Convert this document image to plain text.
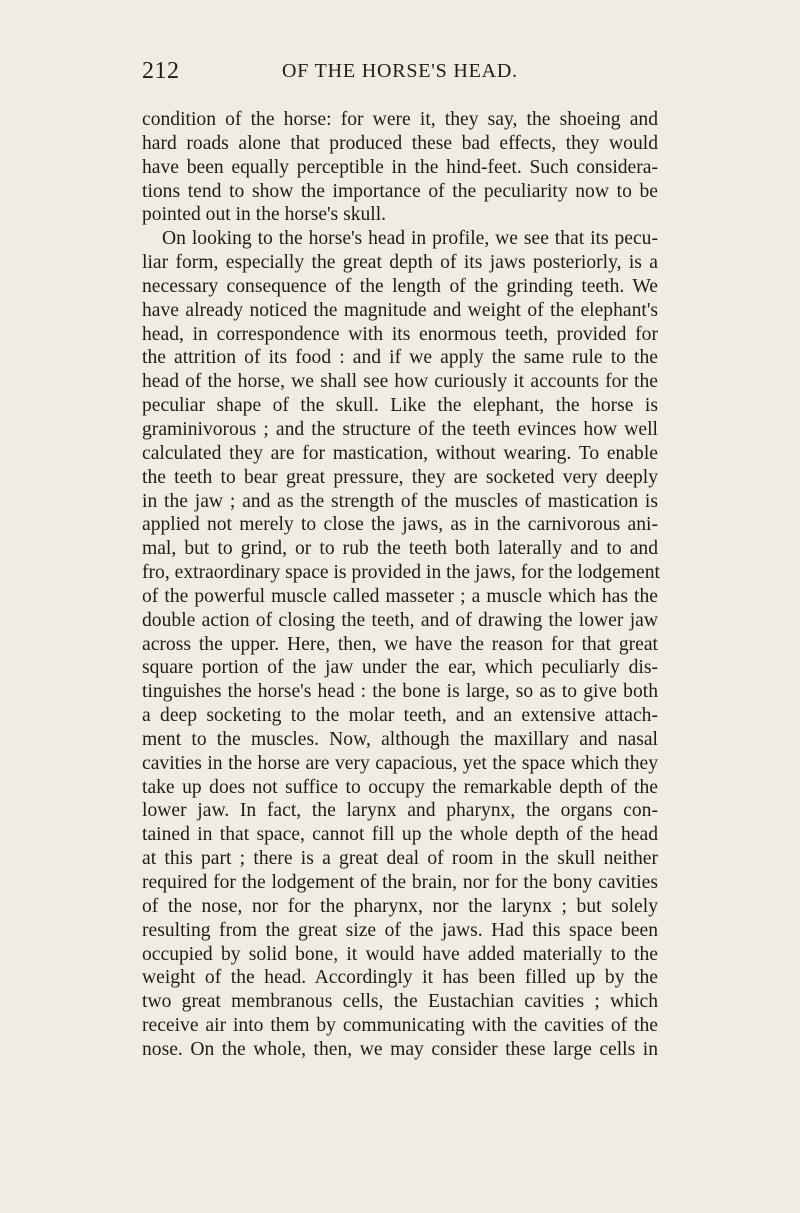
212	OF THE HORSE'S HEAD.
condition of the horse: for were it, they say, the shoeing and
hard roads alone that produced these bad effects, they would
have been equally perceptible in the hind-feet. Such considera-
tions tend to show the importance of the peculiarity now to be
pointed out in the horse's skull.
On looking to the horse's head in profile, we see that its pecu-
liar form, especially the great depth of its jaws posteriorly, is a
necessary consequence of the length of the grinding teeth. We
have already noticed the magnitude and weight of the elephant's
head, in correspondence with its enormous teeth, provided for
the attrition of its food : and if we apply the same rule to the
head of the horse, we shall see how curiously it accounts for the
peculiar shape of the skull. Like the elephant, the horse is
graminivorous ; and the structure of the teeth evinces how well
calculated they are for mastication, without wearing. To enable
the teeth to bear great pressure, they are socketed very deeply
in the jaw ; and as the strength of the muscles of mastication is
applied not merely to close the jaws, as in the carnivorous ani-
mal, but to grind, or to rub the teeth both laterally and to and
fro, extraordinary space is provided in the jaws, for the lodgement
of the powerful muscle called masseter ; a muscle which has the
double action of closing the teeth, and of drawing the lower jaw
across the upper. Here, then, we have the reason for that great
square portion of the jaw under the ear, which peculiarly dis-
tinguishes the horse's head : the bone is large, so as to give both
a deep socketing to the molar teeth, and an extensive attach-
ment to the muscles. Now, although the maxillary and nasal
cavities in the horse are very capacious, yet the space which they
take up does not suffice to occupy the remarkable depth of the
lower jaw. In fact, the larynx and pharynx, the organs con-
tained in that space, cannot fill up the whole depth of the head
at this part ; there is a great deal of room in the skull neither
required for the lodgement of the brain, nor for the bony cavities
of the nose, nor for the pharynx, nor the larynx ; but solely
resulting from the great size of the jaws. Had this space been
occupied by solid bone, it would have added materially to the
weight of the head. Accordingly it has been filled up by the
two great membranous cells, the Eustachian cavities ; which
receive air into them by communicating with the cavities of the
nose. On the whole, then, we may consider these large cells in
